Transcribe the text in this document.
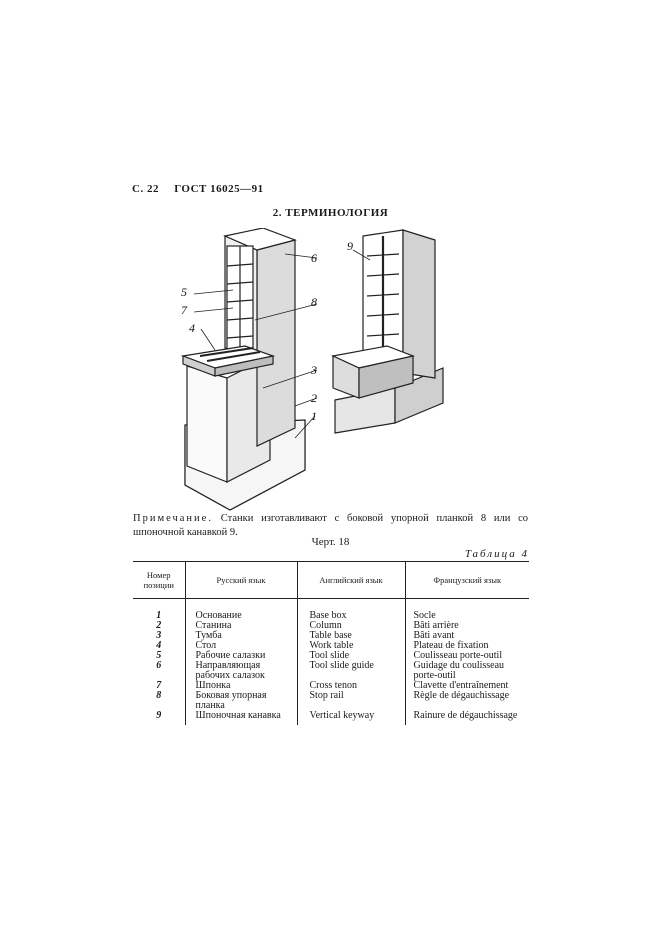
С. 22 ГОСТ 16025—91
2. ТЕРМИНОЛОГИЯ
5
7
4
6
8
3
2
1
9
Примечание. Станки изготавливают с боковой упорной планкой 8 или со шпоночной канавкой 9.
Черт. 18
Таблица 4
Номер позиции	Русский язык	Английский язык	Французский язык

1	Основание	Base box	Socle
2	Станина	Column	Bâti arrière
3	Тумба	Table base	Bâti avant
4	Стол	Work table	Plateau de fixation
5	Рабочие салазки	Tool slide	Coulisseau porte-outil
6	Направляющая рабочих салазок	Tool slide guide	Guidage du coulisseau porte-outil
7	Шпонка	Cross tenon	Clavette d'entraînement
8	Боковая упорная планка	Stop rail	Règle de dégauchissage
9	Шпоночная канавка	Vertical keyway	Rainure de dégauchissage
